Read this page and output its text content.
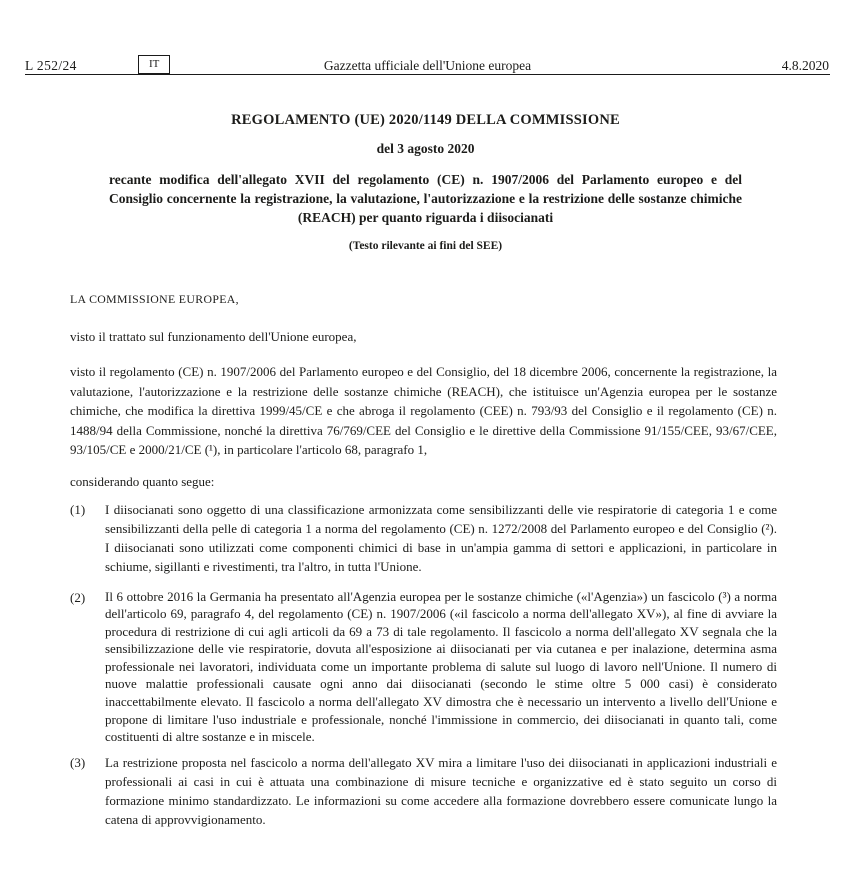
L 252/24	IT	Gazzetta ufficiale dell'Unione europea	4.8.2020
REGOLAMENTO (UE) 2020/1149 DELLA COMMISSIONE
del 3 agosto 2020
recante modifica dell'allegato XVII del regolamento (CE) n. 1907/2006 del Parlamento europeo e del Consiglio concernente la registrazione, la valutazione, l'autorizzazione e la restrizione delle sostanze chimiche (REACH) per quanto riguarda i diisocianati
(Testo rilevante ai fini del SEE)
LA COMMISSIONE EUROPEA,
visto il trattato sul funzionamento dell'Unione europea,
visto il regolamento (CE) n. 1907/2006 del Parlamento europeo e del Consiglio, del 18 dicembre 2006, concernente la registrazione, la valutazione, l'autorizzazione e la restrizione delle sostanze chimiche (REACH), che istituisce un'Agenzia europea per le sostanze chimiche, che modifica la direttiva 1999/45/CE e che abroga il regolamento (CEE) n. 793/93 del Consiglio e il regolamento (CE) n. 1488/94 della Commissione, nonché la direttiva 76/769/CEE del Consiglio e le direttive della Commissione 91/155/CEE, 93/67/CEE, 93/105/CE e 2000/21/CE (¹), in particolare l'articolo 68, paragrafo 1,
considerando quanto segue:
(1)	I diisocianati sono oggetto di una classificazione armonizzata come sensibilizzanti delle vie respiratorie di categoria 1 e come sensibilizzanti della pelle di categoria 1 a norma del regolamento (CE) n. 1272/2008 del Parlamento europeo e del Consiglio (²). I diisocianati sono utilizzati come componenti chimici di base in un'ampia gamma di settori e applicazioni, in particolare in schiume, sigillanti e rivestimenti, tra l'altro, in tutta l'Unione.
(2)	Il 6 ottobre 2016 la Germania ha presentato all'Agenzia europea per le sostanze chimiche («l'Agenzia») un fascicolo (³) a norma dell'articolo 69, paragrafo 4, del regolamento (CE) n. 1907/2006 («il fascicolo a norma dell'allegato XV»), al fine di avviare la procedura di restrizione di cui agli articoli da 69 a 73 di tale regolamento. Il fascicolo a norma dell'allegato XV segnala che la sensibilizzazione delle vie respiratorie, dovuta all'esposizione ai diisocianati per via cutanea e per inalazione, determina asma professionale nei lavoratori, individuata come un importante problema di salute sul luogo di lavoro nell'Unione. Il numero di nuove malattie professionali causate ogni anno dai diisocianati (secondo le stime oltre 5 000 casi) è considerato inaccettabilmente elevato. Il fascicolo a norma dell'allegato XV dimostra che è necessario un intervento a livello dell'Unione e propone di limitare l'uso industriale e professionale, nonché l'immissione in commercio, dei diisocianati in quanto tali, come costituenti di altre sostanze e in miscele.
(3)	La restrizione proposta nel fascicolo a norma dell'allegato XV mira a limitare l'uso dei diisocianati in applicazioni industriali e professionali ai casi in cui è attuata una combinazione di misure tecniche e organizzative ed è stato seguito un corso di formazione minimo standardizzato. Le informazioni su come accedere alla formazione dovrebbero essere comunicate lungo la catena di approvvigionamento.
